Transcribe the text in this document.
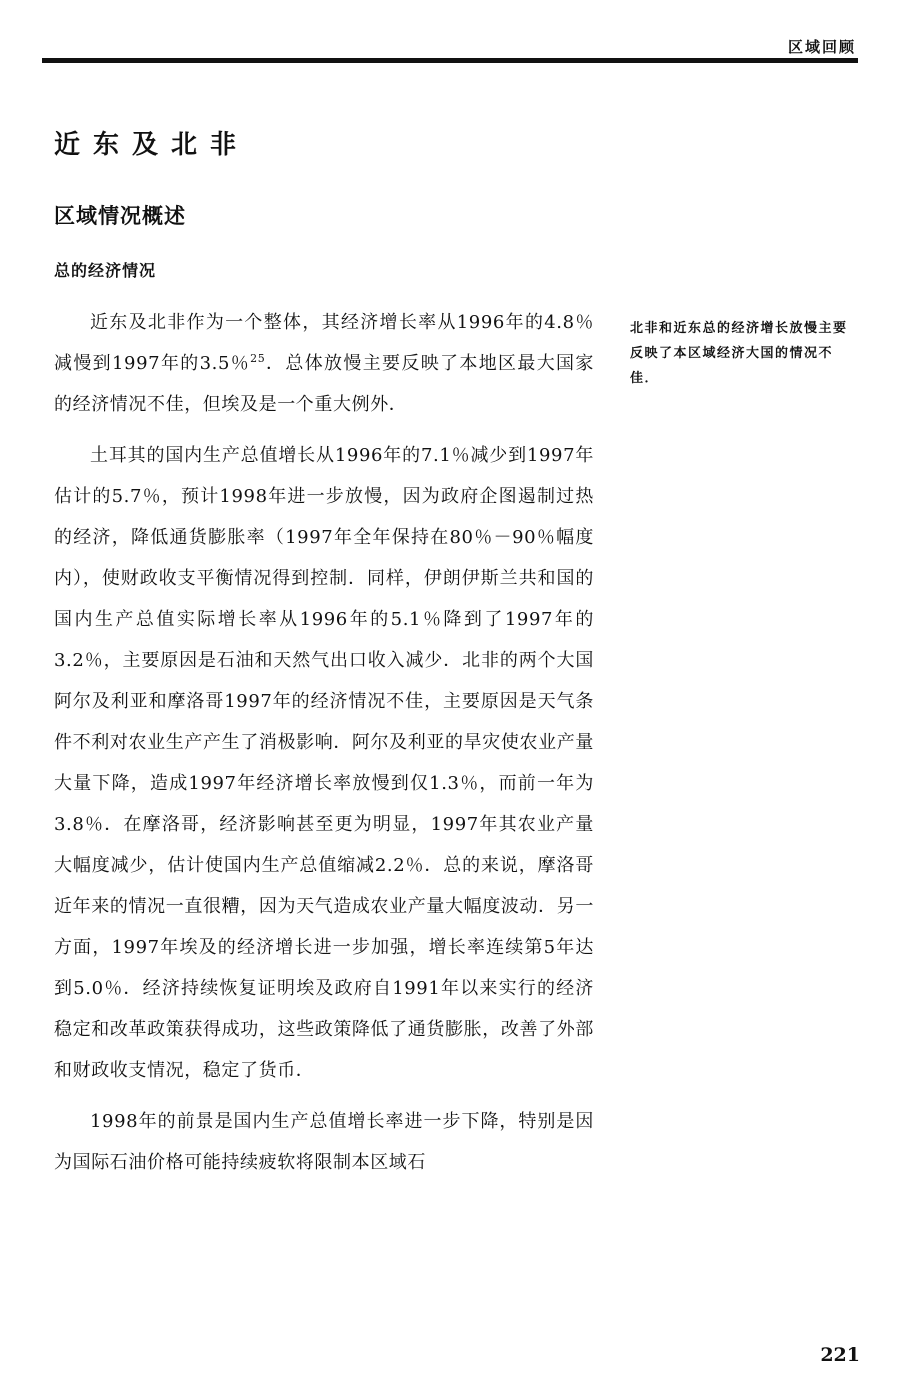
区域回顾
近东及北非
区域情况概述
总的经济情况

近东及北非作为一个整体，其经济增长率从1996年的4.8％减慢到1997年的3.5％$^{25}$．总体放慢主要反映了本地区最大国家的经济情况不佳，但埃及是一个重大例外．

土耳其的国内生产总值增长从1996年的7.1％减少到1997年估计的5.7％，预计1998年进一步放慢，因为政府企图遏制过热的经济，降低通货膨胀率（1997年全年保持在80％－90％幅度内），使财政收支平衡情况得到控制．同样，伊朗伊斯兰共和国的国内生产总值实际增长率从1996年的5.1％降到了1997年的3.2％，主要原因是石油和天然气出口收入减少．北非的两个大国阿尔及利亚和摩洛哥1997年的经济情况不佳，主要原因是天气条件不利对农业生产产生了消极影响．阿尔及利亚的旱灾使农业产量大量下降，造成1997年经济增长率放慢到仅1.3％，而前一年为3.8％．在摩洛哥，经济影响甚至更为明显，1997年其农业产量大幅度减少，估计使国内生产总值缩减2.2％．总的来说，摩洛哥近年来的情况一直很糟，因为天气造成农业产量大幅度波动．另一方面，1997年埃及的经济增长进一步加强，增长率连续第5年达到5.0％．经济持续恢复证明埃及政府自1991年以来实行的经济稳定和改革政策获得成功，这些政策降低了通货膨胀，改善了外部和财政收支情况，稳定了货币．

1998年的前景是国内生产总值增长率进一步下降，特别是因为国际石油价格可能持续疲软将限制本区域石

北非和近东总的经济增长放慢主要反映了本区域经济大国的情况不佳．

221
